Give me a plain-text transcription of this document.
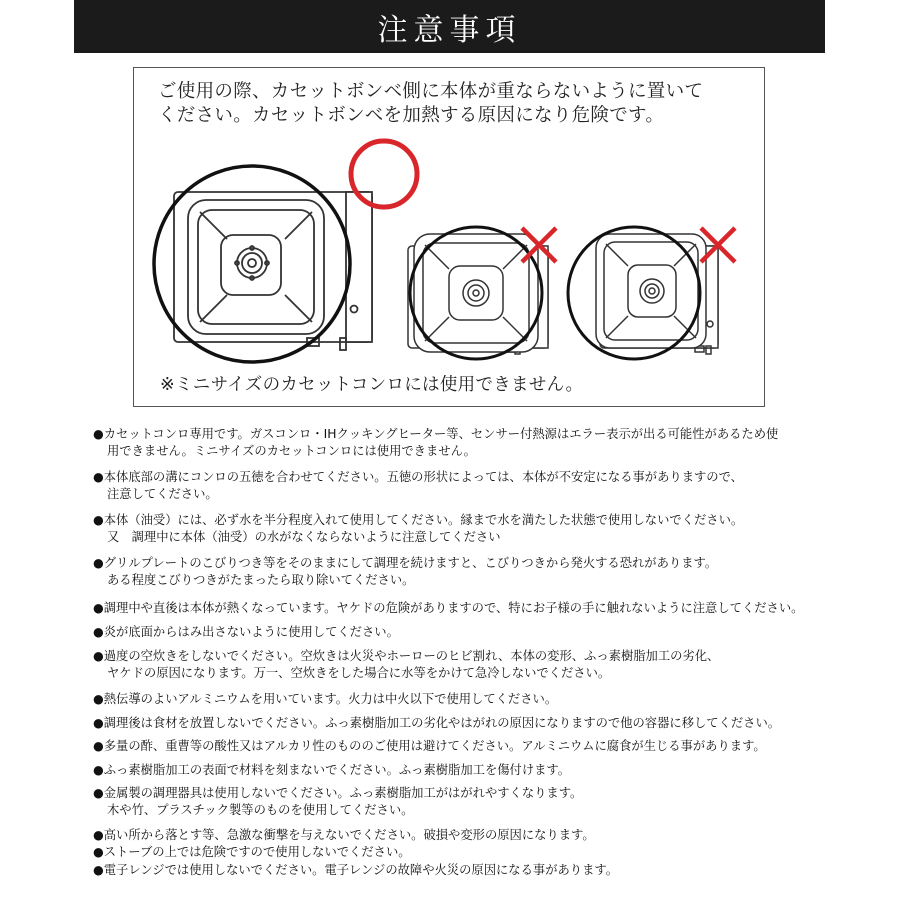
注意事項

ご使用の際、カセットボンベ側に本体が重ならないように置いて

ください。カセットボンベを加熱する原因になり危険です。

※ミニサイズのカセットコンロには使用できません。
●カセットコンロ専用です。ガスコンロ・IHクッキングヒーター等、センサー付熱源はエラー表示が出る可能性があるため使
用できません。ミニサイズのカセットコンロには使用できません。
●本体底部の溝にコンロの五徳を合わせてください。五徳の形状によっては、本体が不安定になる事がありますので、
注意してください。
●本体（油受）には、必ず水を半分程度入れて使用してください。縁まで水を満たした状態で使用しないでください。
又　調理中に本体（油受）の水がなくならないように注意してください
●グリルプレートのこびりつき等をそのままにして調理を続けますと、こびりつきから発火する恐れがあります。
ある程度こびりつきがたまったら取り除いてください。
●調理中や直後は本体が熱くなっています。ヤケドの危険がありますので、特にお子様の手に触れないように注意してください。
●炎が底面からはみ出さないように使用してください。
●過度の空炊きをしないでください。空炊きは火災やホーローのヒビ割れ、本体の変形、ふっ素樹脂加工の劣化、
ヤケドの原因になります。万一、空炊きをした場合に水等をかけて急冷しないでください。
●熱伝導のよいアルミニウムを用いています。火力は中火以下で使用してください。
●調理後は食材を放置しないでください。ふっ素樹脂加工の劣化やはがれの原因になりますので他の容器に移してください。
●多量の酢、重曹等の酸性又はアルカリ性のもののご使用は避けてください。アルミニウムに腐食が生じる事があります。
●ふっ素樹脂加工の表面で材料を刻まないでください。ふっ素樹脂加工を傷付けます。
●金属製の調理器具は使用しないでください。ふっ素樹脂加工がはがれやすくなります。
木や竹、プラスチック製等のものを使用してください。
●高い所から落とす等、急激な衝撃を与えないでください。破損や変形の原因になります。
●ストーブの上では危険ですので使用しないでください。
●電子レンジでは使用しないでください。電子レンジの故障や火災の原因になる事があります。
